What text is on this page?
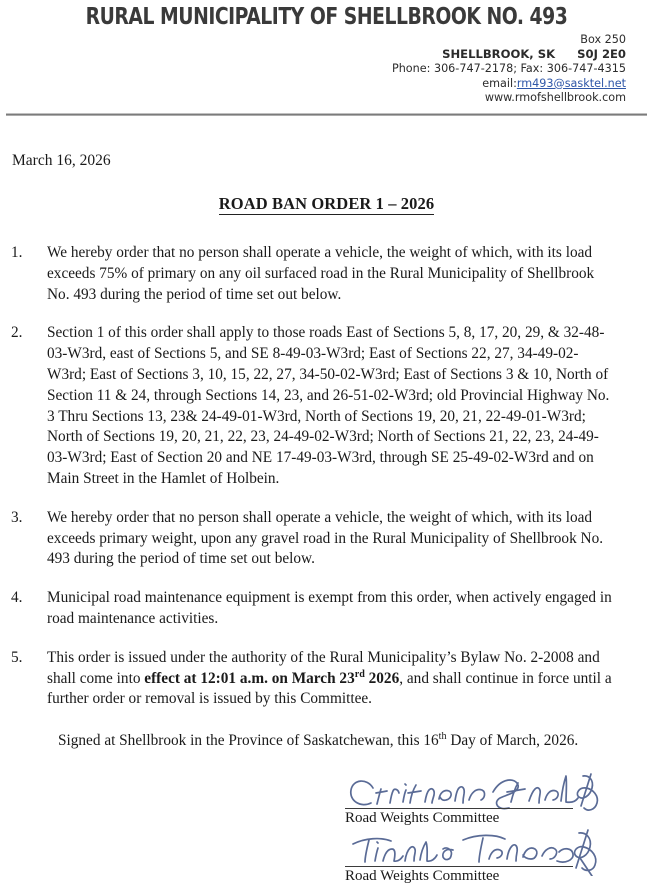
RURAL MUNICIPALITY OF SHELLBROOK NO. 493
Box 250
SHELLBROOK, SK S0J 2E0
Phone: 306-747-2178; Fax: 306-747-4315
email:rm493@sasktel.net
www.rmofshellbrook.com
March 16, 2026
ROAD BAN ORDER 1 – 2026
1.	We hereby order that no person shall operate a vehicle, the weight of which, with its load exceeds 75% of primary on any oil surfaced road in the Rural Municipality of Shellbrook No. 493 during the period of time set out below.
2.	Section 1 of this order shall apply to those roads East of Sections 5, 8, 17, 20, 29, & 32-48-03-W3rd, east of Sections 5, and SE 8-49-03-W3rd; East of Sections 22, 27, 34-49-02-W3rd; East of Sections 3, 10, 15, 22, 27, 34-50-02-W3rd; East of Sections 3 & 10, North of Section 11 & 24, through Sections 14, 23, and 26-51-02-W3rd; old Provincial Highway No. 3 Thru Sections 13, 23& 24-49-01-W3rd, North of Sections 19, 20, 21, 22-49-01-W3rd; North of Sections 19, 20, 21, 22, 23, 24-49-02-W3rd; North of Sections 21, 22, 23, 24-49-03-W3rd; East of Section 20 and NE 17-49-03-W3rd, through SE 25-49-02-W3rd and on Main Street in the Hamlet of Holbein.
3.	We hereby order that no person shall operate a vehicle, the weight of which, with its load exceeds primary weight, upon any gravel road in the Rural Municipality of Shellbrook No. 493 during the period of time set out below.
4.	Municipal road maintenance equipment is exempt from this order, when actively engaged in road maintenance activities.
5.	This order is issued under the authority of the Rural Municipality’s Bylaw No. 2-2008 and shall come into effect at 12:01 a.m. on March 23rd 2026, and shall continue in force until a further order or removal is issued by this Committee.
Signed at Shellbrook in the Province of Saskatchewan, this 16th Day of March, 2026.
Road Weights Committee
Road Weights Committee
